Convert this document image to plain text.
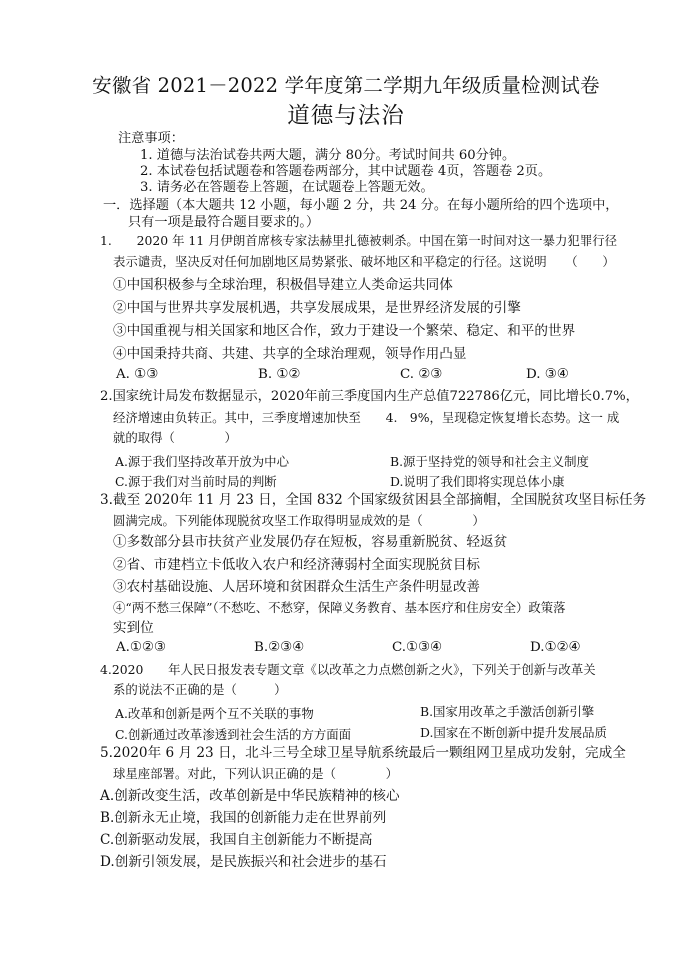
安徽省 2021－2022 学年度第二学期九年级质量检测试卷
道德与法治
注意事项：
1. 道德与法治试卷共两大题，满分 80分。考试时间共 60分钟。
2. 本试卷包括试题卷和答题卷两部分，其中试题卷 4页，答题卷 2页。
3. 请务必在答题卷上答题，在试题卷上答题无效。
一．选择题（本大题共 12 小题，每小题 2 分，共 24 分。在每小题所给的四个选项中，
只有一项是最符合题目要求的。）
1.　　2020 年 11 月伊朗首席核专家法赫里扎德被刺杀。中国在第一时间对这一暴力犯罪行径
表示谴责，坚决反对任何加剧地区局势紧张、破坏地区和平稳定的行径。这说明　　（　　）
①中国积极参与全球治理，积极倡导建立人类命运共同体
②中国与世界共享发展机遇，共享发展成果，是世界经济发展的引擎
③中国重视与相关国家和地区合作，致力于建设一个繁荣、稳定、和平的世界
④中国秉持共商、共建、共享的全球治理观，领导作用凸显
A. ①③	B. ①②	C. ②③	D. ③④
2.国家统计局发布数据显示，2020年前三季度国内生产总值722786亿元，同比增长0.7%，
经济增速由负转正。其中，三季度增速加快至　　4.　9%，呈现稳定恢复增长态势。这一 成
就的取得（　　　　）
A.源于我们坚持改革开放为中心	B.源于坚持党的领导和社会主义制度
C.源于我们对当前时局的判断	D.说明了我们即将实现总体小康
3.截至 2020年 11 月 23 日，全国 832 个国家级贫困县全部摘帽，全国脱贫攻坚目标任务
圆满完成。下列能体现脱贫攻坚工作取得明显成效的是（　　　　）
①多数部分县市扶贫产业发展仍存在短板，容易重新脱贫、轻返贫
②省、市建档立卡低收入农户和经济薄弱村全面实现脱贫目标
③农村基础设施、人居环境和贫困群众生活生产条件明显改善
④“两不愁三保障”（不愁吃、不愁穿，保障义务教育、基本医疗和住房安全）政策落
实到位
A.①②③	B.②③④	C.①③④	D.①②④
4.2020　　年人民日报发表专题文章《以改革之力点燃创新之火》，下列关于创新与改革关
系的说法不正确的是（　　　）
A.改革和创新是两个互不关联的事物	B.国家用改革之手激活创新引擎
C.创新通过改革渗透到社会生活的方方面面	D.国家在不断创新中提升发展品质
5.2020年 6 月 23 日，北斗三号全球卫星导航系统最后一颗组网卫星成功发射，完成全
球星座部署。对此，下列认识正确的是（　　　　）
A.创新改变生活，改革创新是中华民族精神的核心
B.创新永无止境，我国的创新能力走在世界前列
C.创新驱动发展，我国自主创新能力不断提高
D.创新引领发展，是民族振兴和社会进步的基石
